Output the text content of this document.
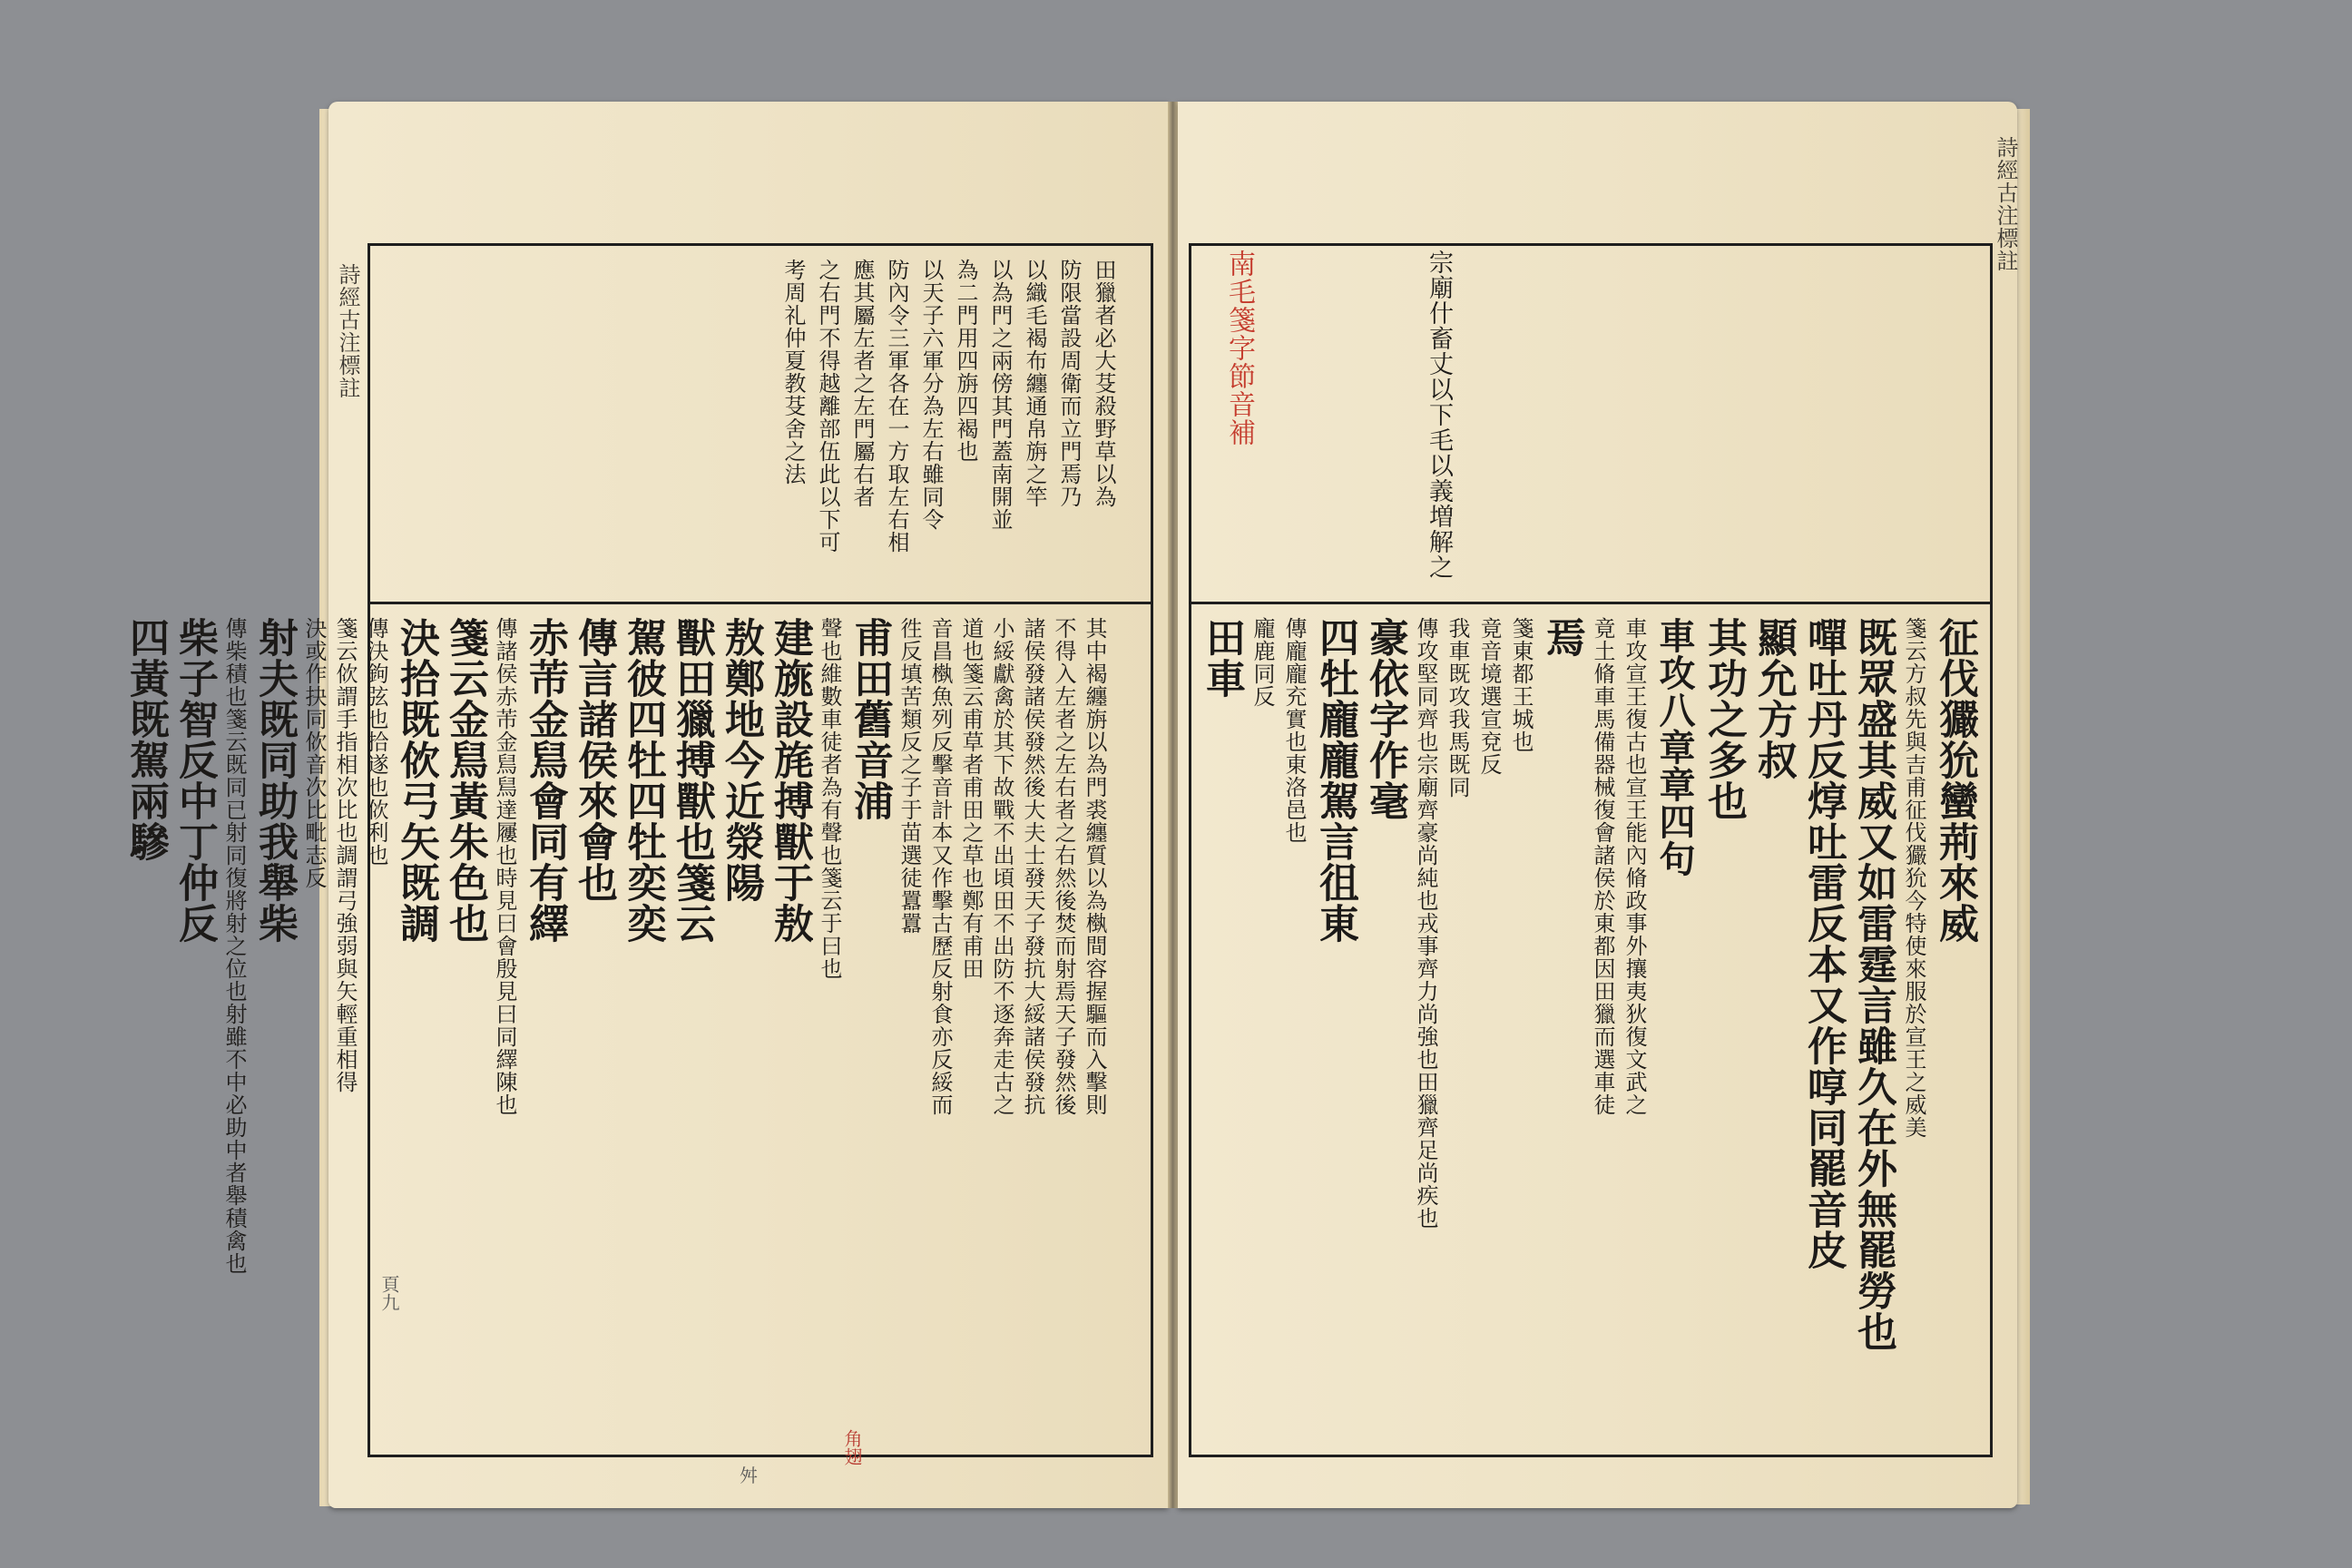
詩經古注標註
詩經古注標註
南毛箋字節音補	宗廟什畜丈以下毛以義増解之
舛
角翅
頁九
田獵者必大芟殺野草以為
防限當設周衛而立門焉乃
以織毛褐布纏通帛旃之竿
以為門之兩傍其門蓋南開並
為二門用四旃四褐也
以天子六軍分為左右雖同令
防內令三軍各在一方取左右相
應其屬左者之左門屬右者
之右門不得越離部伍此以下可
考周礼仲夏教芟舍之法
其中褐纏旃以為門裘纏質以為槸間容握驅而入擊則
不得入左者之左右者之右然後焚而射焉天子發然後
諸侯發諸侯發然後大夫士發天子發抗大綏諸侯發抗
小綏獻禽於其下故戰不出頃田不出防不逐奔走古之
道也箋云甫草者甫田之草也鄭有甫田
音昌槸魚列反擊音計本又作擊古歷反射食亦反綏而
徃反填苦類反之子于苗選徒囂囂
甫田舊音浦
聲也維數車徒者為有聲也箋云于曰也
建旐設旄搏獸于敖
敖鄭地今近滎陽
獸田獵搏獸也箋云
駕彼四牡四牡奕奕
傳言諸侯來會也
赤芾金舃會同有繹
傳諸侯赤芾金舃舃達屨也時見曰會殷見曰同繹陳也
箋云金舃黃朱色也
決拾既佽弓矢既調
傳決鉤弦也拾遂也佽利也
箋云佽謂手指相次比也調謂弓強弱與矢輕重相得
決或作抉同佽音次比毗志反
射夫既同助我舉柴
傳柴積也箋云既同已射同復將射之位也射雖不中必助中者舉積禽也
柴子智反中丁仲反
四黃既駕兩驂	征伐玁狁蠻荊來威
箋云方叔先與吉甫征伐玁狁今特使來服於宣王之威美
既眾盛其威又如雷霆言雖久在外無罷勞也
嘽吐丹反焞吐雷反本又作啍同罷音皮
顯允方叔
其功之多也
車攻八章章四句
車攻宣王復古也宣王能內脩政事外攘夷狄復文武之
竟土脩車馬備器械復會諸侯於東都因田獵而選車徒
焉
箋東都王城也
竟音境選宣兗反
我車既攻我馬既同
傳攻堅同齊也宗廟齊豪尚純也戎事齊力尚強也田獵齊足尚疾也
豪依字作毫
四牡龐龐駕言徂東
傳龐龐充實也東洛邑也
龐鹿同反
田車
